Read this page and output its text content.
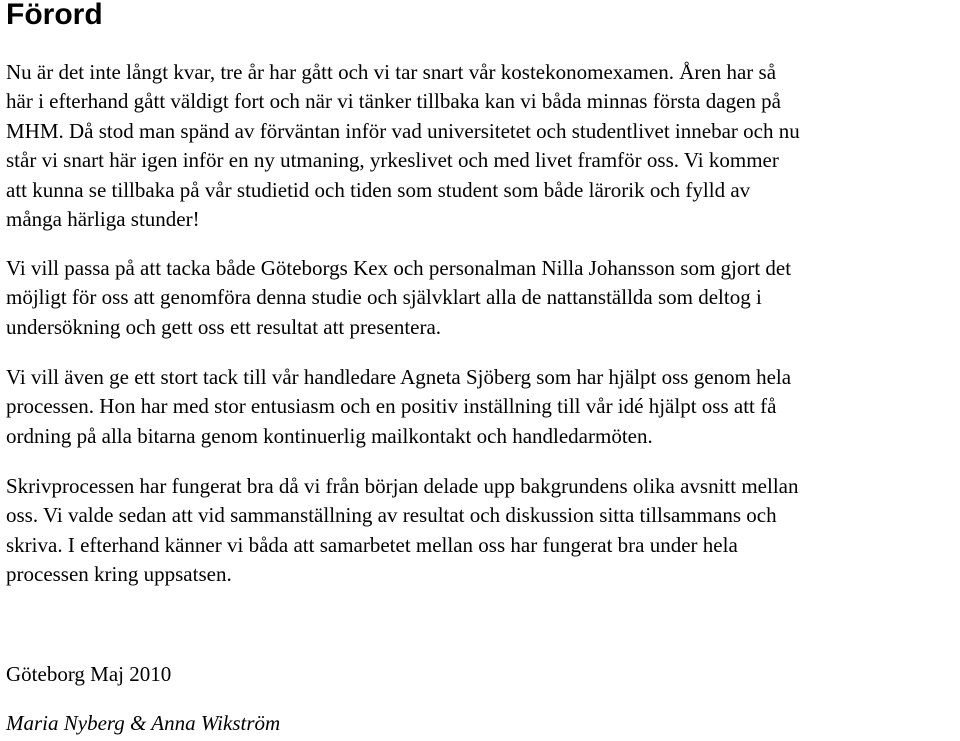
Förord

Nu är det inte långt kvar, tre år har gått och vi tar snart vår kostekonomexamen. Åren har så
här i efterhand gått väldigt fort och när vi tänker tillbaka kan vi båda minnas första dagen på
MHM. Då stod man spänd av förväntan inför vad universitetet och studentlivet innebar och nu
står vi snart här igen inför en ny utmaning, yrkeslivet och med livet framför oss. Vi kommer
att kunna se tillbaka på vår studietid och tiden som student som både lärorik och fylld av
många härliga stunder!

Vi vill passa på att tacka både Göteborgs Kex och personalman Nilla Johansson som gjort det
möjligt för oss att genomföra denna studie och självklart alla de nattanställda som deltog i
undersökning och gett oss ett resultat att presentera.

Vi vill även ge ett stort tack till vår handledare Agneta Sjöberg som har hjälpt oss genom hela
processen. Hon har med stor entusiasm och en positiv inställning till vår idé hjälpt oss att få
ordning på alla bitarna genom kontinuerlig mailkontakt och handledarmöten.

Skrivprocessen har fungerat bra då vi från början delade upp bakgrundens olika avsnitt mellan
oss. Vi valde sedan att vid sammanställning av resultat och diskussion sitta tillsammans och
skriva. I efterhand känner vi båda att samarbetet mellan oss har fungerat bra under hela
processen kring uppsatsen.

Göteborg Maj 2010

Maria Nyberg & Anna Wikström
